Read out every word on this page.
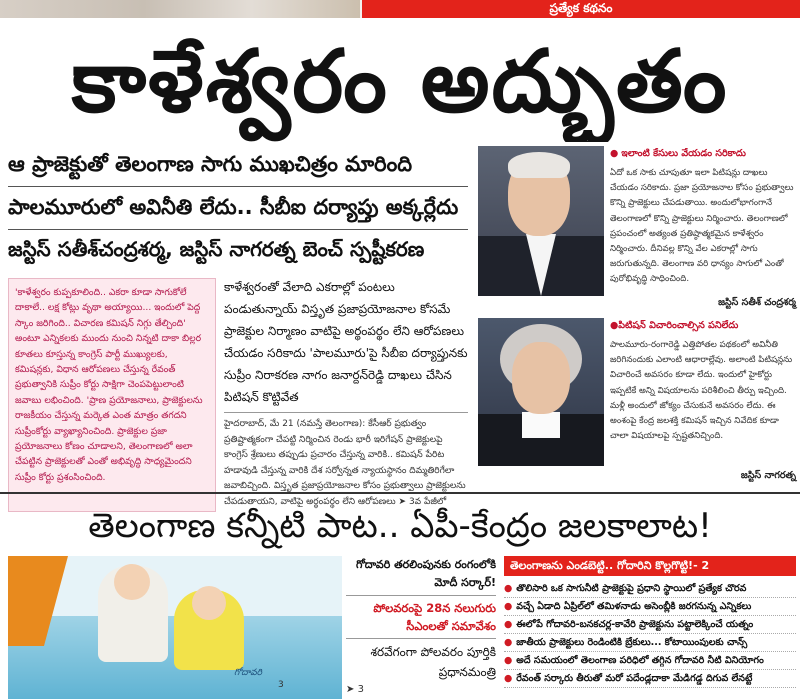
ప్రత్యేక కథనం
కాళేశ్వరం అద్భుతం
ఆ ప్రాజెక్టుతో తెలంగాణ సాగు ముఖచిత్రం మారింది
పాలమూరులో అవినీతి లేదు.. సీబీఐ దర్యాప్తు అక్కర్లేదు
జస్టిస్ సతీశ్‌చంద్రశర్మ, జస్టిస్ నాగరత్న బెంచ్ స్పష్టీకరణ
'కాళేశ్వరం కుప్పకూలింది.. ఎకరా కూడా సాగుకోలే దాకాలే.. లక్ష కోట్లు వృథా అయ్యాయి... ఇందులో పెద్ద స్కాం జరిగింది.. విచారణ కమిషన్ నిగ్గు తేల్చింది' అంటూ ఎన్నికలకు ముందు నుంచి నిన్నటి దాకా బిల్లర కూతలు కూస్తున్న కాంగ్రెస్ పార్టీ ముఖ్యులకు, కమిషన్లకు, విధాన ఆరోపణలు చేస్తున్న రేవంత్ ప్రభుత్వానికి సుప్రీం కోర్టు సాక్షిగా చెంపపెట్టులాంటి జవాబు లభించింది. 'ప్రాణ ప్రయోజనాలు, ప్రాజెక్టులను రాజకీయం చేస్తున్న మర్కెత ఎంత మాత్రం తగదని సుప్రీంకోర్టు వ్యాఖ్యానించింది. ప్రాజెక్టుల ప్రజా ప్రయోజనాలు కోణం చూడాలని, తెలంగాణలో అలా చేపట్టిన ప్రాజెక్టులతో ఎంతో అభివృద్ధి సాధ్యమైందని సుప్రీం కోర్టు ప్రశంసించింది.
కాళేశ్వరంతో వేలాది ఎకరాల్లో పంటలు పండుతున్నాయ్ విస్తృత ప్రజాప్రయోజనాల కోసమే ప్రాజెక్టుల నిర్మాణం వాటిపై అర్థంపర్థం లేని ఆరోపణలు చేయడం సరికాదు 'పాలమూరు'పై సీబీఐ దర్యాప్తునకు సుప్రీం నిరాకరణ నాగం జనార్దన్‌రెడ్డి దాఖలు చేసిన పిటిషన్ కొట్టివేత
హైదరాబాద్, మే 21 (నమస్తే తెలంగాణ): కేసీఆర్ ప్రభుత్వం ప్రతిష్టాత్మకంగా చేపట్టి నిర్మించిన రెండు భారీ ఇరిగేషన్ ప్రాజెక్టులపై కాంగ్రెస్ శ్రేణులు తప్పుడు ప్రచారం చేస్తున్న వారికి.. కమిషన్ పేరిట హడావుడి చేస్తున్న వారికి దేశ సర్వోన్నత న్యాయస్థానం దిమ్మతిరిగేలా జవాబిచ్చింది. విస్తృత ప్రజాప్రయోజనాల కోసం ప్రభుత్వాలు ప్రాజెక్టులను చేపడుతాయని, వాటిపై అర్థంపర్థం లేని ఆరోపణలు ➤ 3వ పేజీలో
● ఇలాంటి కేసులు వేయడం సరికాదు
ఏదో ఒక సాకు చూపుతూ ఇలా పిటిషన్లు దాఖలు చేయడం సరికాదు. ప్రజా ప్రయోజనాల కోసం ప్రభుత్వాలు కొన్ని ప్రాజెక్టులు చేపడుతాయి. అందులోభాగంగానే తెలంగాణలో కొన్ని ప్రాజెక్టులు నిర్మించారు. తెలంగాణలో ప్రపంచంలో అత్యంత ప్రతిష్ఠాత్మకమైన కాళేశ్వరం నిర్మించారు. దీనివల్ల కొన్ని వేల ఎకరాల్లో సాగు జరుగుతున్నది. తెలంగాణ వరి ధాన్యం సాగులో ఎంతో పురోభివృద్ధి సాధించింది.
జస్టిస్ సతీశ్ చంద్రశర్మ
●పిటిషన్ విచారించాల్సిన పనిలేదు
పాలమూరు-రంగారెడ్డి ఎత్తిపోతల పథకంలో అవినీతి జరిగినందుకు ఎలాంటి ఆధారాల్లేవు. అలాంటి పిటిషన్లను విచారించే అవసరం కూడా లేదు. ఇందులో హైకోర్టు ఇప్పటికే అన్ని విషయాలను పరిశీలించి తీర్పు ఇచ్చింది. మళ్లీ అందులో జోక్యం చేసుకునే అవసరం లేదు. ఈ అంశంపై కేంద్ర జలశక్తి కమిషన్ ఇచ్చిన నివేదిక కూడా చాలా విషయాలపై స్పష్టతనిచ్చింది.
జస్టిస్ నాగరత్న
తెలంగాణ కన్నీటి పాట.. ఏపీ-కేంద్రం జలకాలాట!
గోదావరి
3
గోదావరి తరలింపునకు రంగంలోకి మోదీ సర్కార్!
పోలవరంపై 28న నలుగురు సీఎంలతో సమావేశం
శరవేగంగా పోలవరం పూర్తికి ప్రధానమంత్రి
➤ 3
తెలంగాణను ఎండబెట్టి.. గోదారిని కొల్లగొట్టి!- 2
● తొలిసారి ఒక సాగునీటి ప్రాజెక్టుపై ప్రధాని స్థాయిలో ప్రత్యేక చొరవ
● వచ్చే ఏడాది ఏప్రిల్‌లో తమిళనాడు అసెంబ్లీకి జరగనున్న ఎన్నికలు
● ఈలోపే గోదావరి-బనకచర్ల-కావేరి ప్రాజెక్టును పట్టాలెక్కించే యత్నం
● జాతీయ ప్రాజెక్టులు రెండింటికి బ్రేకులు... కోటాయింపులకు చాన్స్
● అదే సమయంలో తెలంగాణ పరిధిలో తగ్గిన గోదావరి నీటి వినియోగం
● రేవంత్ సర్కారు తీరుతో మరో పదేండ్లదాకా మేడిగడ్డ దిగువ లేనట్టే
